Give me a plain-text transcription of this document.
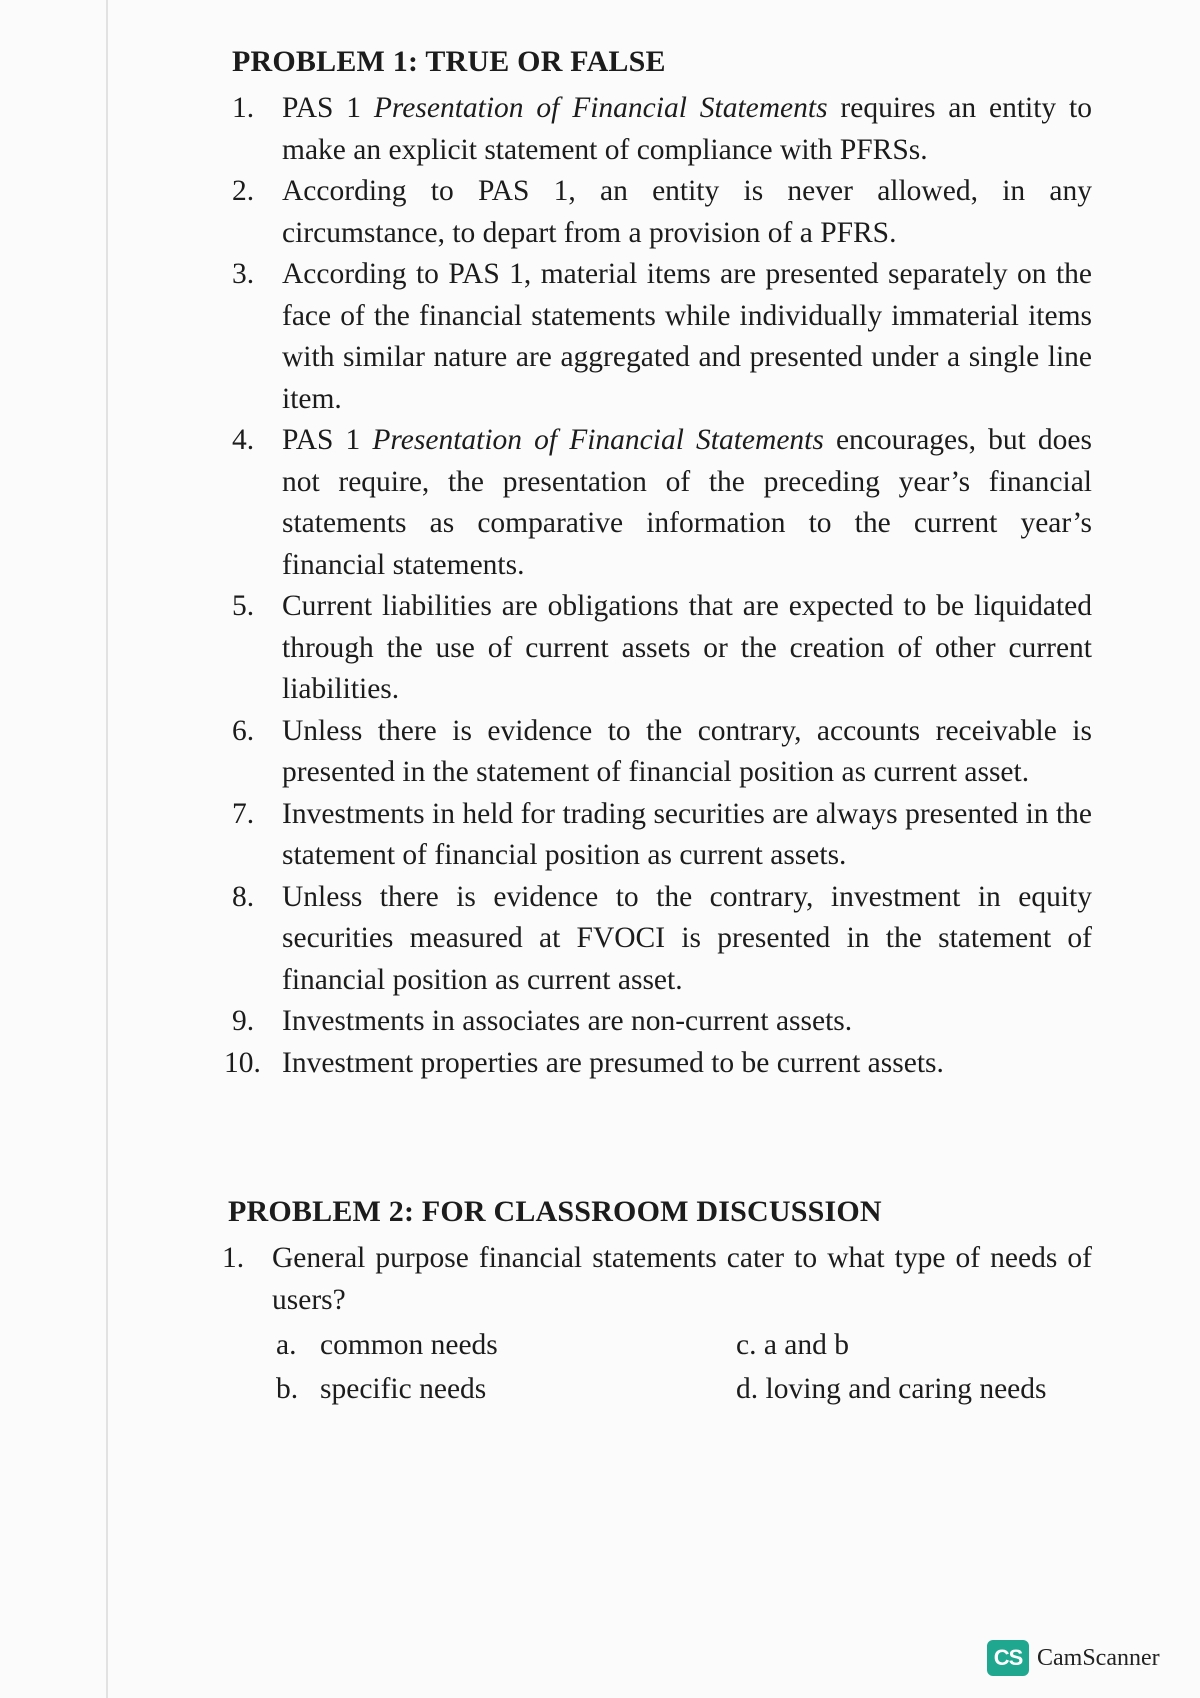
PROBLEM 1: TRUE OR FALSE
1. PAS 1 Presentation of Financial Statements requires an entity to make an explicit statement of compliance with PFRSs.
2. According to PAS 1, an entity is never allowed, in any circumstance, to depart from a provision of a PFRS.
3. According to PAS 1, material items are presented separately on the face of the financial statements while individually immaterial items with similar nature are aggregated and presented under a single line item.
4. PAS 1 Presentation of Financial Statements encourages, but does not require, the presentation of the preceding year’s financial statements as comparative information to the current year’s financial statements.
5. Current liabilities are obligations that are expected to be liquidated through the use of current assets or the creation of other current liabilities.
6. Unless there is evidence to the contrary, accounts receivable is presented in the statement of financial position as current asset.
7. Investments in held for trading securities are always presented in the statement of financial position as current assets.
8. Unless there is evidence to the contrary, investment in equity securities measured at FVOCI is presented in the statement of financial position as current asset.
9. Investments in associates are non-current assets.
10. Investment properties are presumed to be current assets.
PROBLEM 2: FOR CLASSROOM DISCUSSION
1. General purpose financial statements cater to what type of needs of users?
a. common needs
b. specific needs
c. a and b
d. loving and caring needs
CS CamScanner
